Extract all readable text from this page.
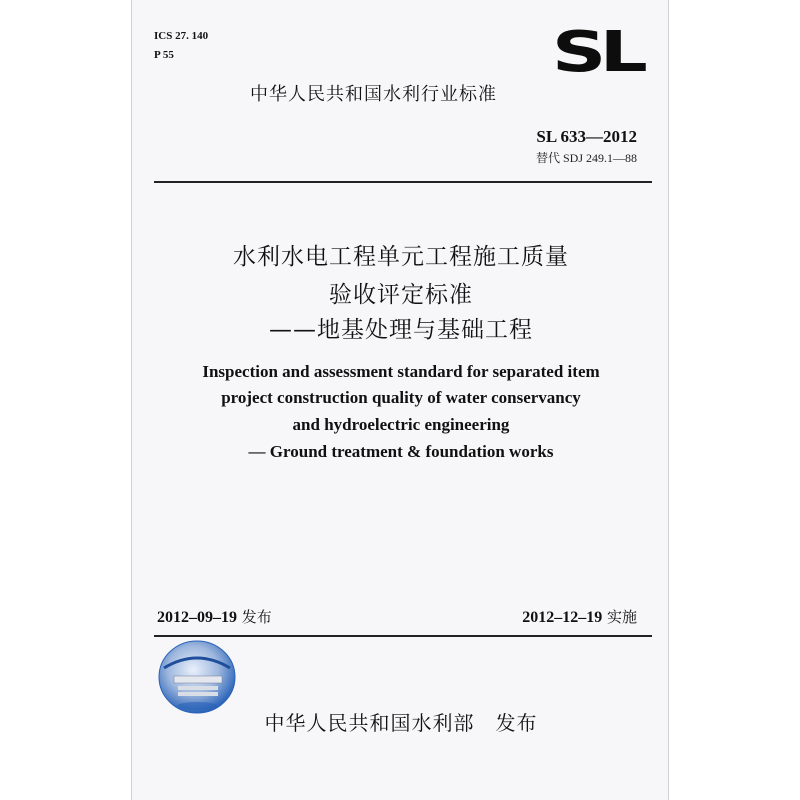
ICS 27. 140
P 55	SL
中华人民共和国水利行业标准
SL 633—2012
替代 SDJ 249.1—88
水利水电工程单元工程施工质量
验收评定标准
——地基处理与基础工程
Inspection and assessment standard for separated item
project construction quality of water conservancy
and hydroelectric engineering
— Ground treatment & foundation works
2012–09–19 发布	2012–12–19 实施
中华人民共和国水利部　发布
